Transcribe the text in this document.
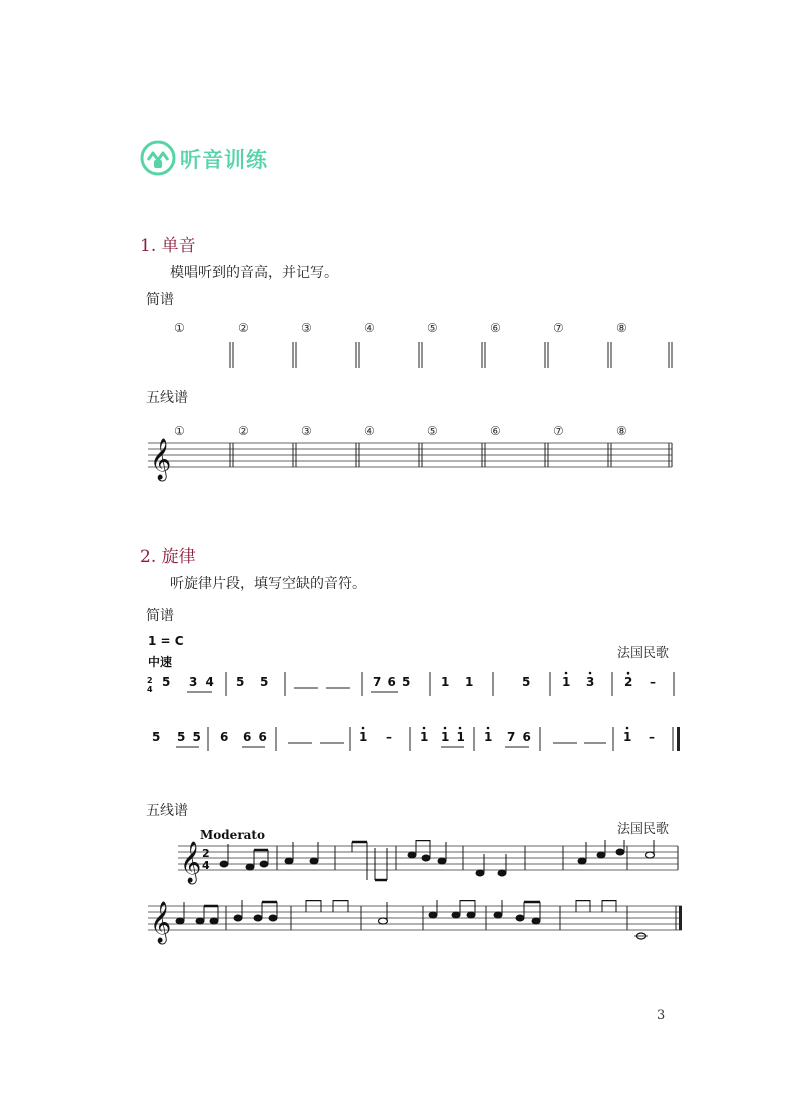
听音训练
1. 单音
模唱听到的音高，并记写。
简谱
①	②	③	④	⑤	⑥	⑦	⑧
五线谱
①	②	③	④	⑤	⑥	⑦	⑧
𝄞
2. 旋律
听旋律片段，填写空缺的音符。
简谱
1 = C
中速
法国民歌
2
4
5 3 4 5 5	7 6 5	1 1	5	1 3 2 –
5 5 5 6 6 6	1 – 1 1 1 1 7 6	1 –
五线谱
Moderato	法国民歌
𝄞 2
4
𝄞
3
